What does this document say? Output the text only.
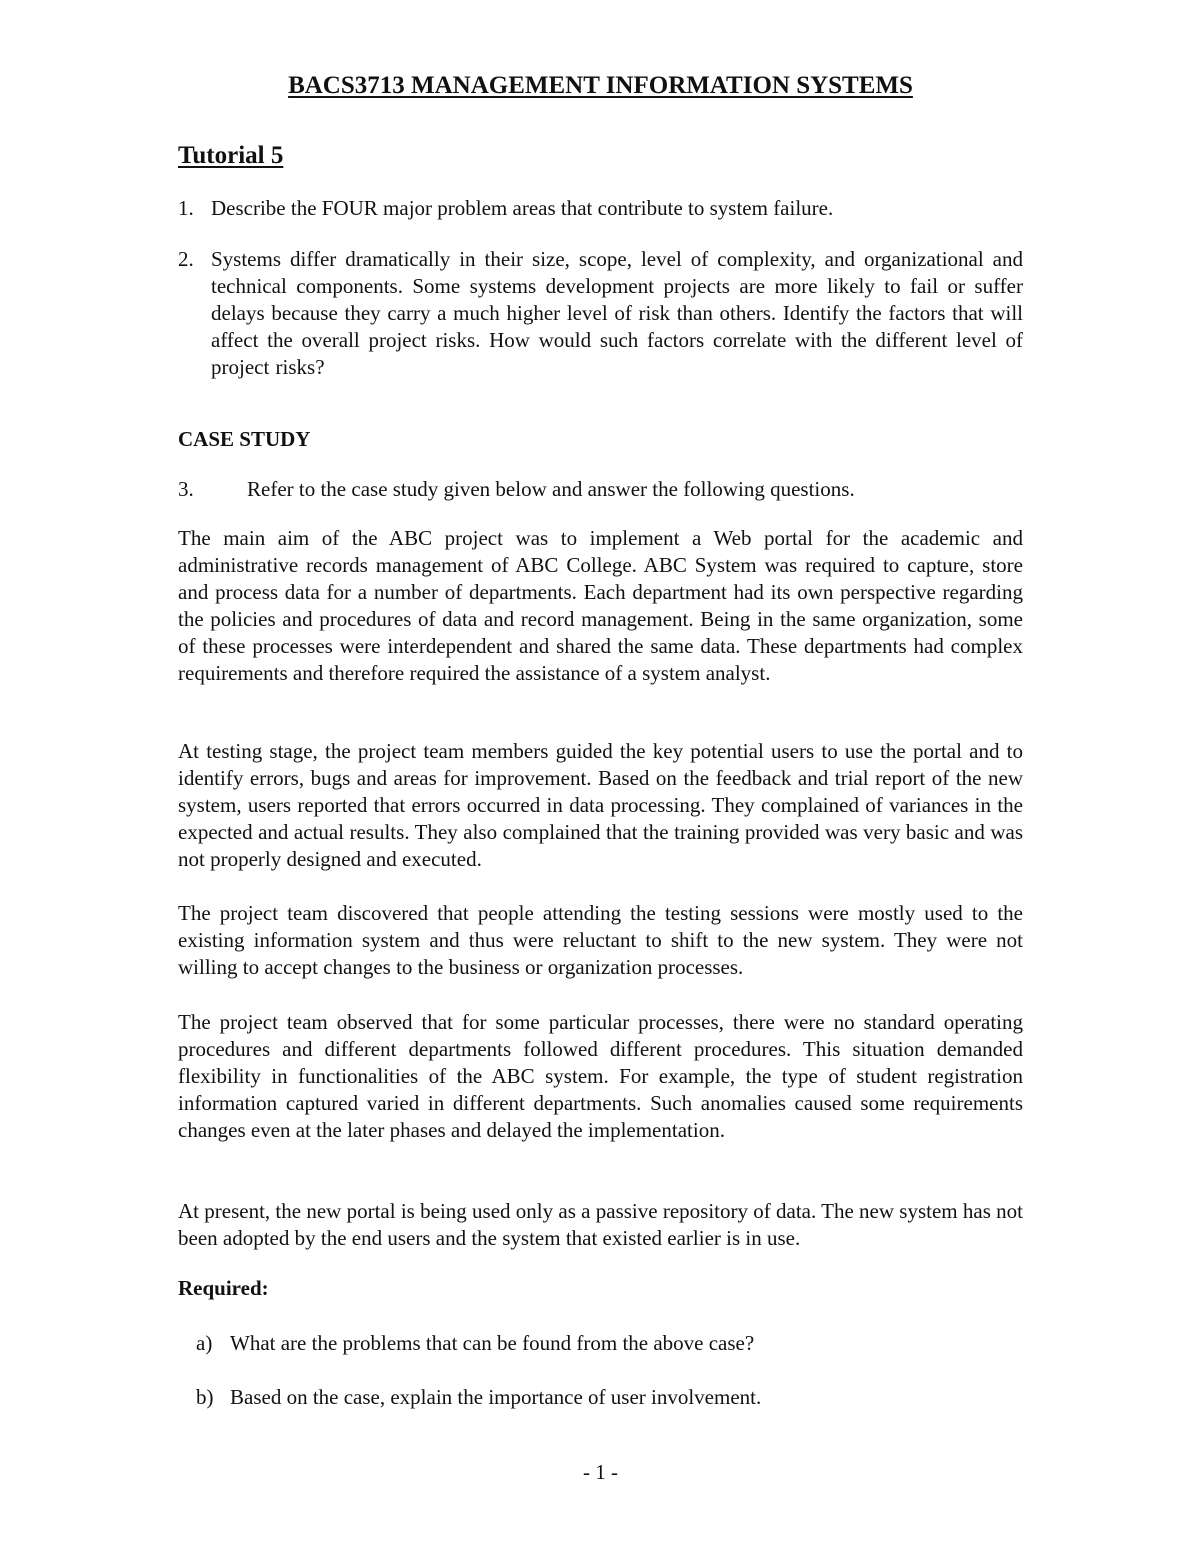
BACS3713 MANAGEMENT INFORMATION SYSTEMS
Tutorial 5
1. Describe the FOUR major problem areas that contribute to system failure.
2. Systems differ dramatically in their size, scope, level of complexity, and organizational and technical components. Some systems development projects are more likely to fail or suffer delays because they carry a much higher level of risk than others. Identify the factors that will affect the overall project risks. How would such factors correlate with the different level of project risks?
CASE STUDY
3.	Refer to the case study given below and answer the following questions.

The main aim of the ABC project was to implement a Web portal for the academic and administrative records management of ABC College. ABC System was required to capture, store and process data for a number of departments. Each department had its own perspective regarding the policies and procedures of data and record management. Being in the same organization, some of these processes were interdependent and shared the same data. These departments had complex requirements and therefore required the assistance of a system analyst.

At testing stage, the project team members guided the key potential users to use the portal and to identify errors, bugs and areas for improvement. Based on the feedback and trial report of the new system, users reported that errors occurred in data processing. They complained of variances in the expected and actual results. They also complained that the training provided was very basic and was not properly designed and executed.

The project team discovered that people attending the testing sessions were mostly used to the existing information system and thus were reluctant to shift to the new system. They were not willing to accept changes to the business or organization processes.

The project team observed that for some particular processes, there were no standard operating procedures and different departments followed different procedures. This situation demanded flexibility in functionalities of the ABC system. For example, the type of student registration information captured varied in different departments. Such anomalies caused some requirements changes even at the later phases and delayed the implementation.

At present, the new portal is being used only as a passive repository of data. The new system has not been adopted by the end users and the system that existed earlier is in use.

Required:
a) What are the problems that can be found from the above case?
b) Based on the case, explain the importance of user involvement.

- 1 -
